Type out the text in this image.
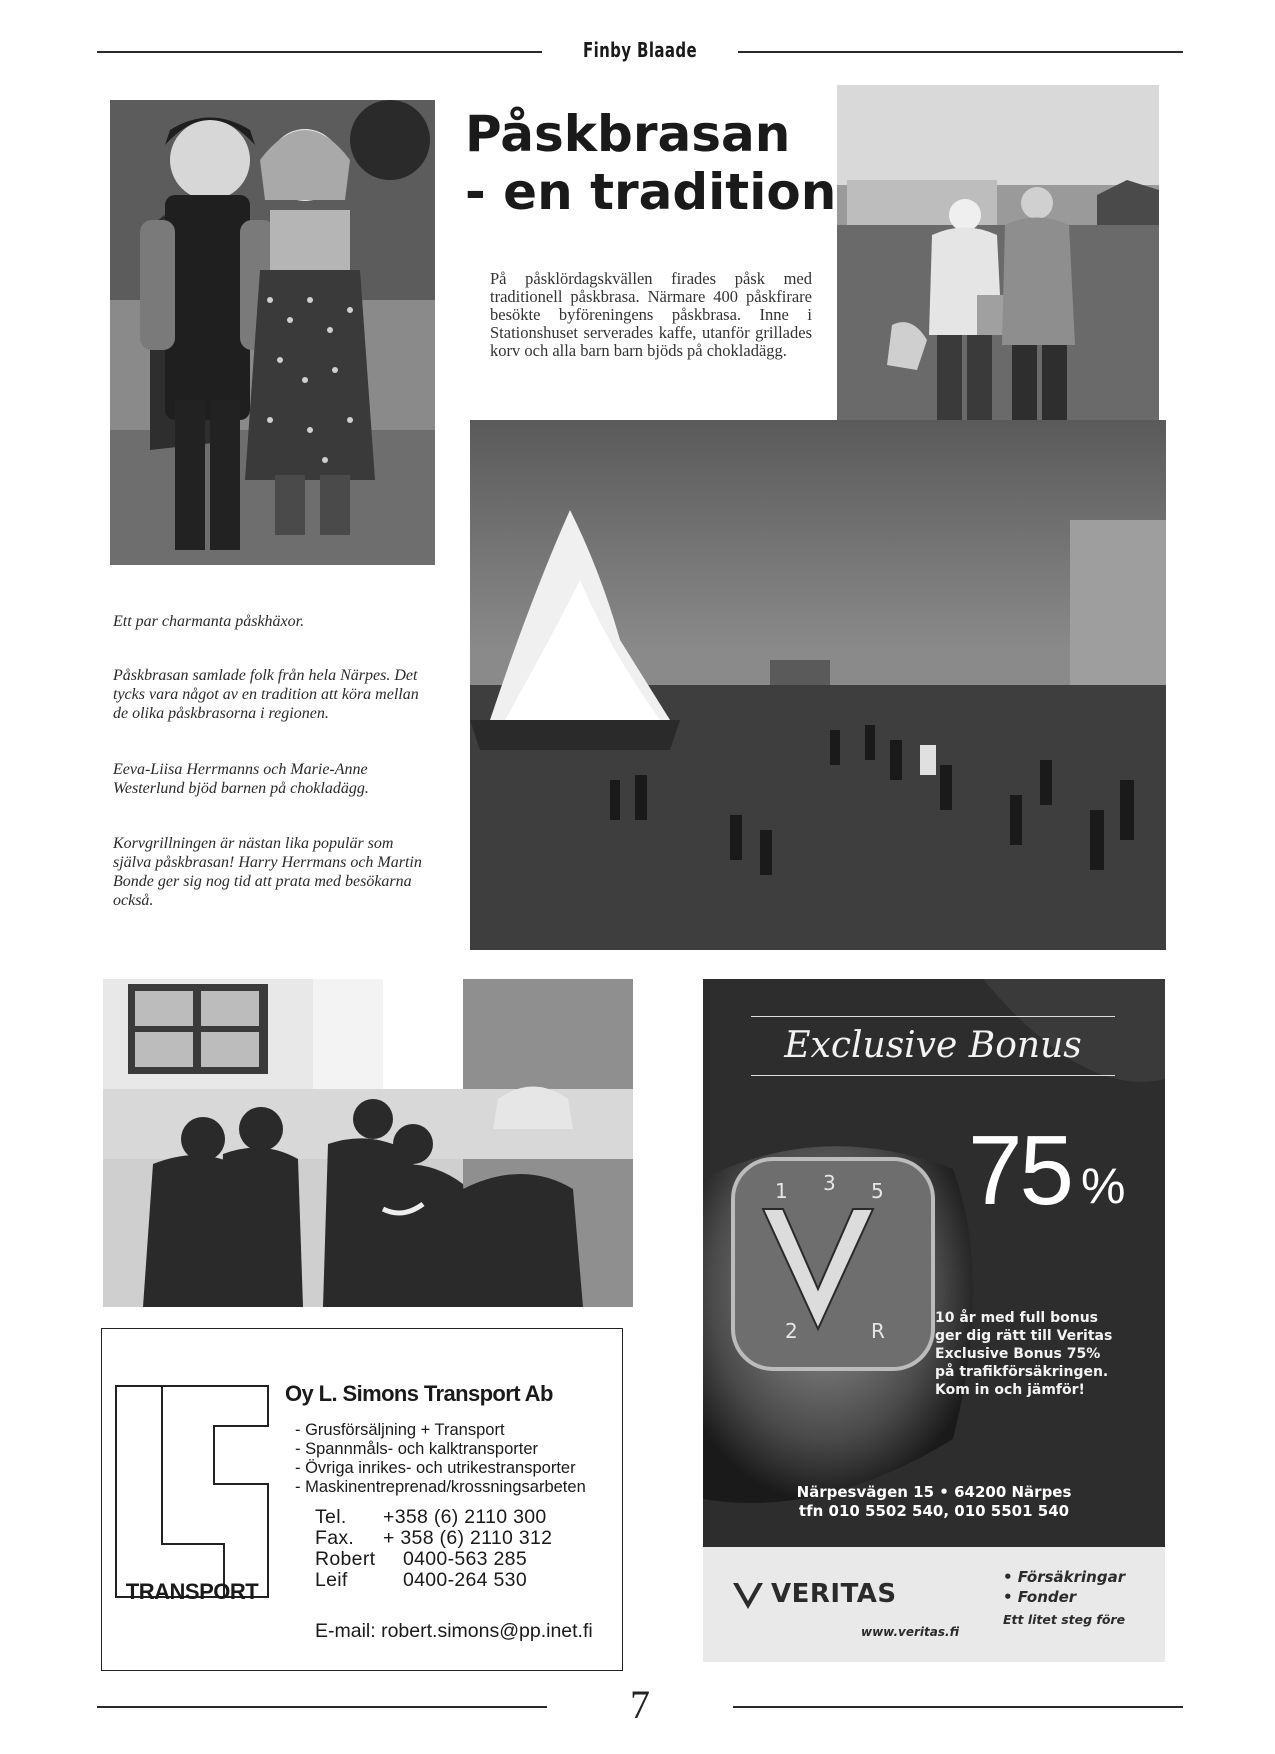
Finby Blaade
Påskbrasan
- en tradition
På påsklördagskvällen firades påsk med traditionell påskbrasa. Närmare 400 påskfirare besökte byföreningens påskbrasa. Inne i Stationshuset serverades kaffe, utanför grillades korv och alla barn barn bjöds på chokladägg.
Ett par charmanta påskhäxor.
Påskbrasan samlade folk från hela Närpes. Det tycks vara något av en tradition att köra mellan de olika påskbrasorna i regionen.
Eeva-Liisa Herrmanns och Marie-Anne Westerlund bjöd barnen på chokladägg.
Korvgrillningen är nästan lika populär som själva påskbrasan! Harry Herrmans och Martin Bonde ger sig nog tid att prata med besökarna också.
TRANSPORT
Oy L. Simons Transport Ab
- Grusförsäljning + Transport
- Spannmåls- och kalktransporter
- Övriga inrikes- och utrikestransporter
- Maskinentreprenad/krossningsarbeten
Tel. +358 (6) 2110 300
Fax. + 358 (6) 2110 312
Robert 0400-563 285
Leif	0400-264 530
E-mail: robert.simons@pp.inet.fi
1 3 5
2	R
Exclusive Bonus
75 %
10 år med full bonus
ger dig rätt till Veritas
Exclusive Bonus 75%
på trafikförsäkringen.
Kom in och jämför!
Närpesvägen 15 • 64200 Närpes
tfn 010 5502 540, 010 5501 540
VERITAS
www.veritas.fi
• Försäkringar
• Fonder
Ett litet steg före
7
